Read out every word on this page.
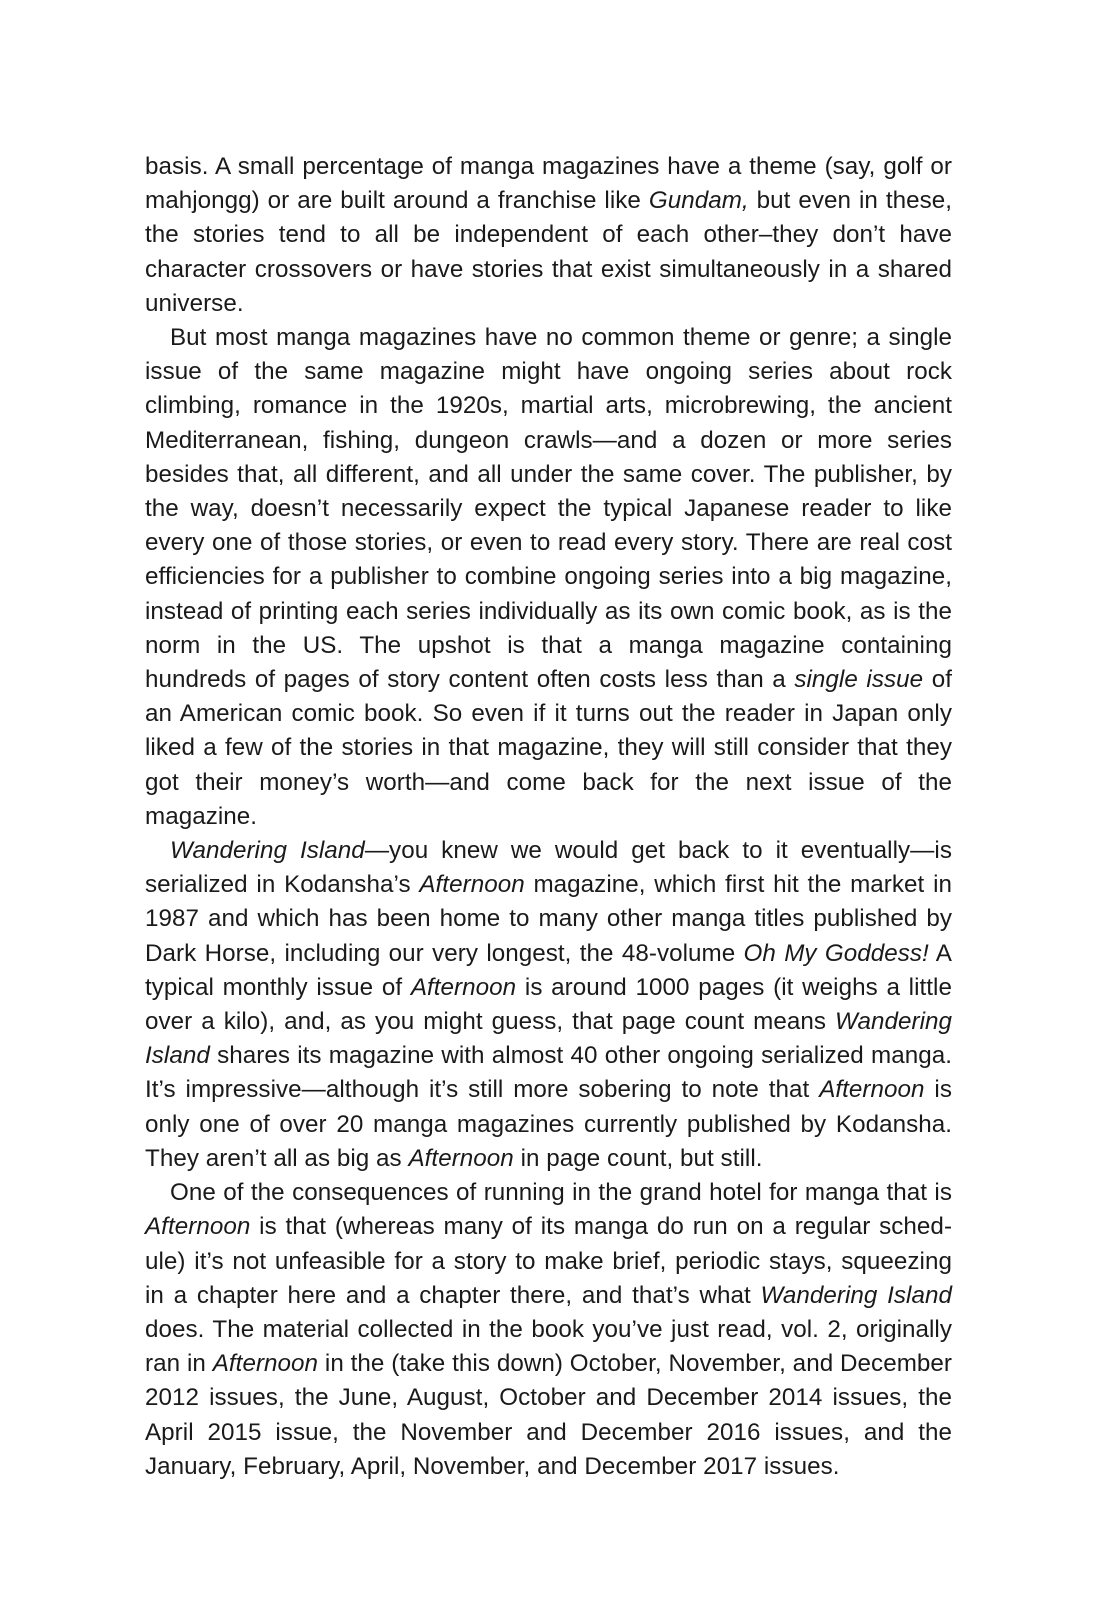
basis. A small percentage of manga magazines have a theme (say, golf or mahjongg) or are built around a franchise like Gundam, but even in these, the stories tend to all be independent of each other–they don’t have character crossovers or have stories that exist simultaneously in a shared universe.

But most manga magazines have no common theme or genre; a single issue of the same magazine might have ongoing series about rock climbing, romance in the 1920s, martial arts, microbrewing, the ancient Mediterranean, fishing, dungeon crawls—and a dozen or more series besides that, all different, and all under the same cover. The publisher, by the way, doesn’t necessarily expect the typical Japanese reader to like every one of those stories, or even to read every story. There are real cost efficiencies for a publisher to combine ongoing series into a big magazine, instead of printing each series individually as its own comic book, as is the norm in the US. The upshot is that a manga magazine containing hundreds of pages of story content often costs less than a single issue of an American comic book. So even if it turns out the reader in Japan only liked a few of the stories in that magazine, they will still consider that they got their money’s worth—and come back for the next issue of the magazine.

Wandering Island—you knew we would get back to it eventually—is serialized in Kodansha’s Afternoon magazine, which first hit the market in 1987 and which has been home to many other manga titles published by Dark Horse, including our very longest, the 48-volume Oh My Goddess! A typical monthly issue of Afternoon is around 1000 pages (it weighs a little over a kilo), and, as you might guess, that page count means Wandering Island shares its magazine with almost 40 other ongoing serialized manga. It’s impressive—although it’s still more sobering to note that Afternoon is only one of over 20 manga magazines currently published by Kodansha. They aren’t all as big as Afternoon in page count, but still.

One of the consequences of running in the grand hotel for manga that is Afternoon is that (whereas many of its manga do run on a regular schedule) it’s not unfeasible for a story to make brief, periodic stays, squeezing in a chapter here and a chapter there, and that’s what Wandering Island does. The material collected in the book you’ve just read, vol. 2, originally ran in Afternoon in the (take this down) October, November, and December 2012 issues, the June, August, October and December 2014 issues, the April 2015 issue, the November and December 2016 issues, and the January, February, April, November, and December 2017 issues.
